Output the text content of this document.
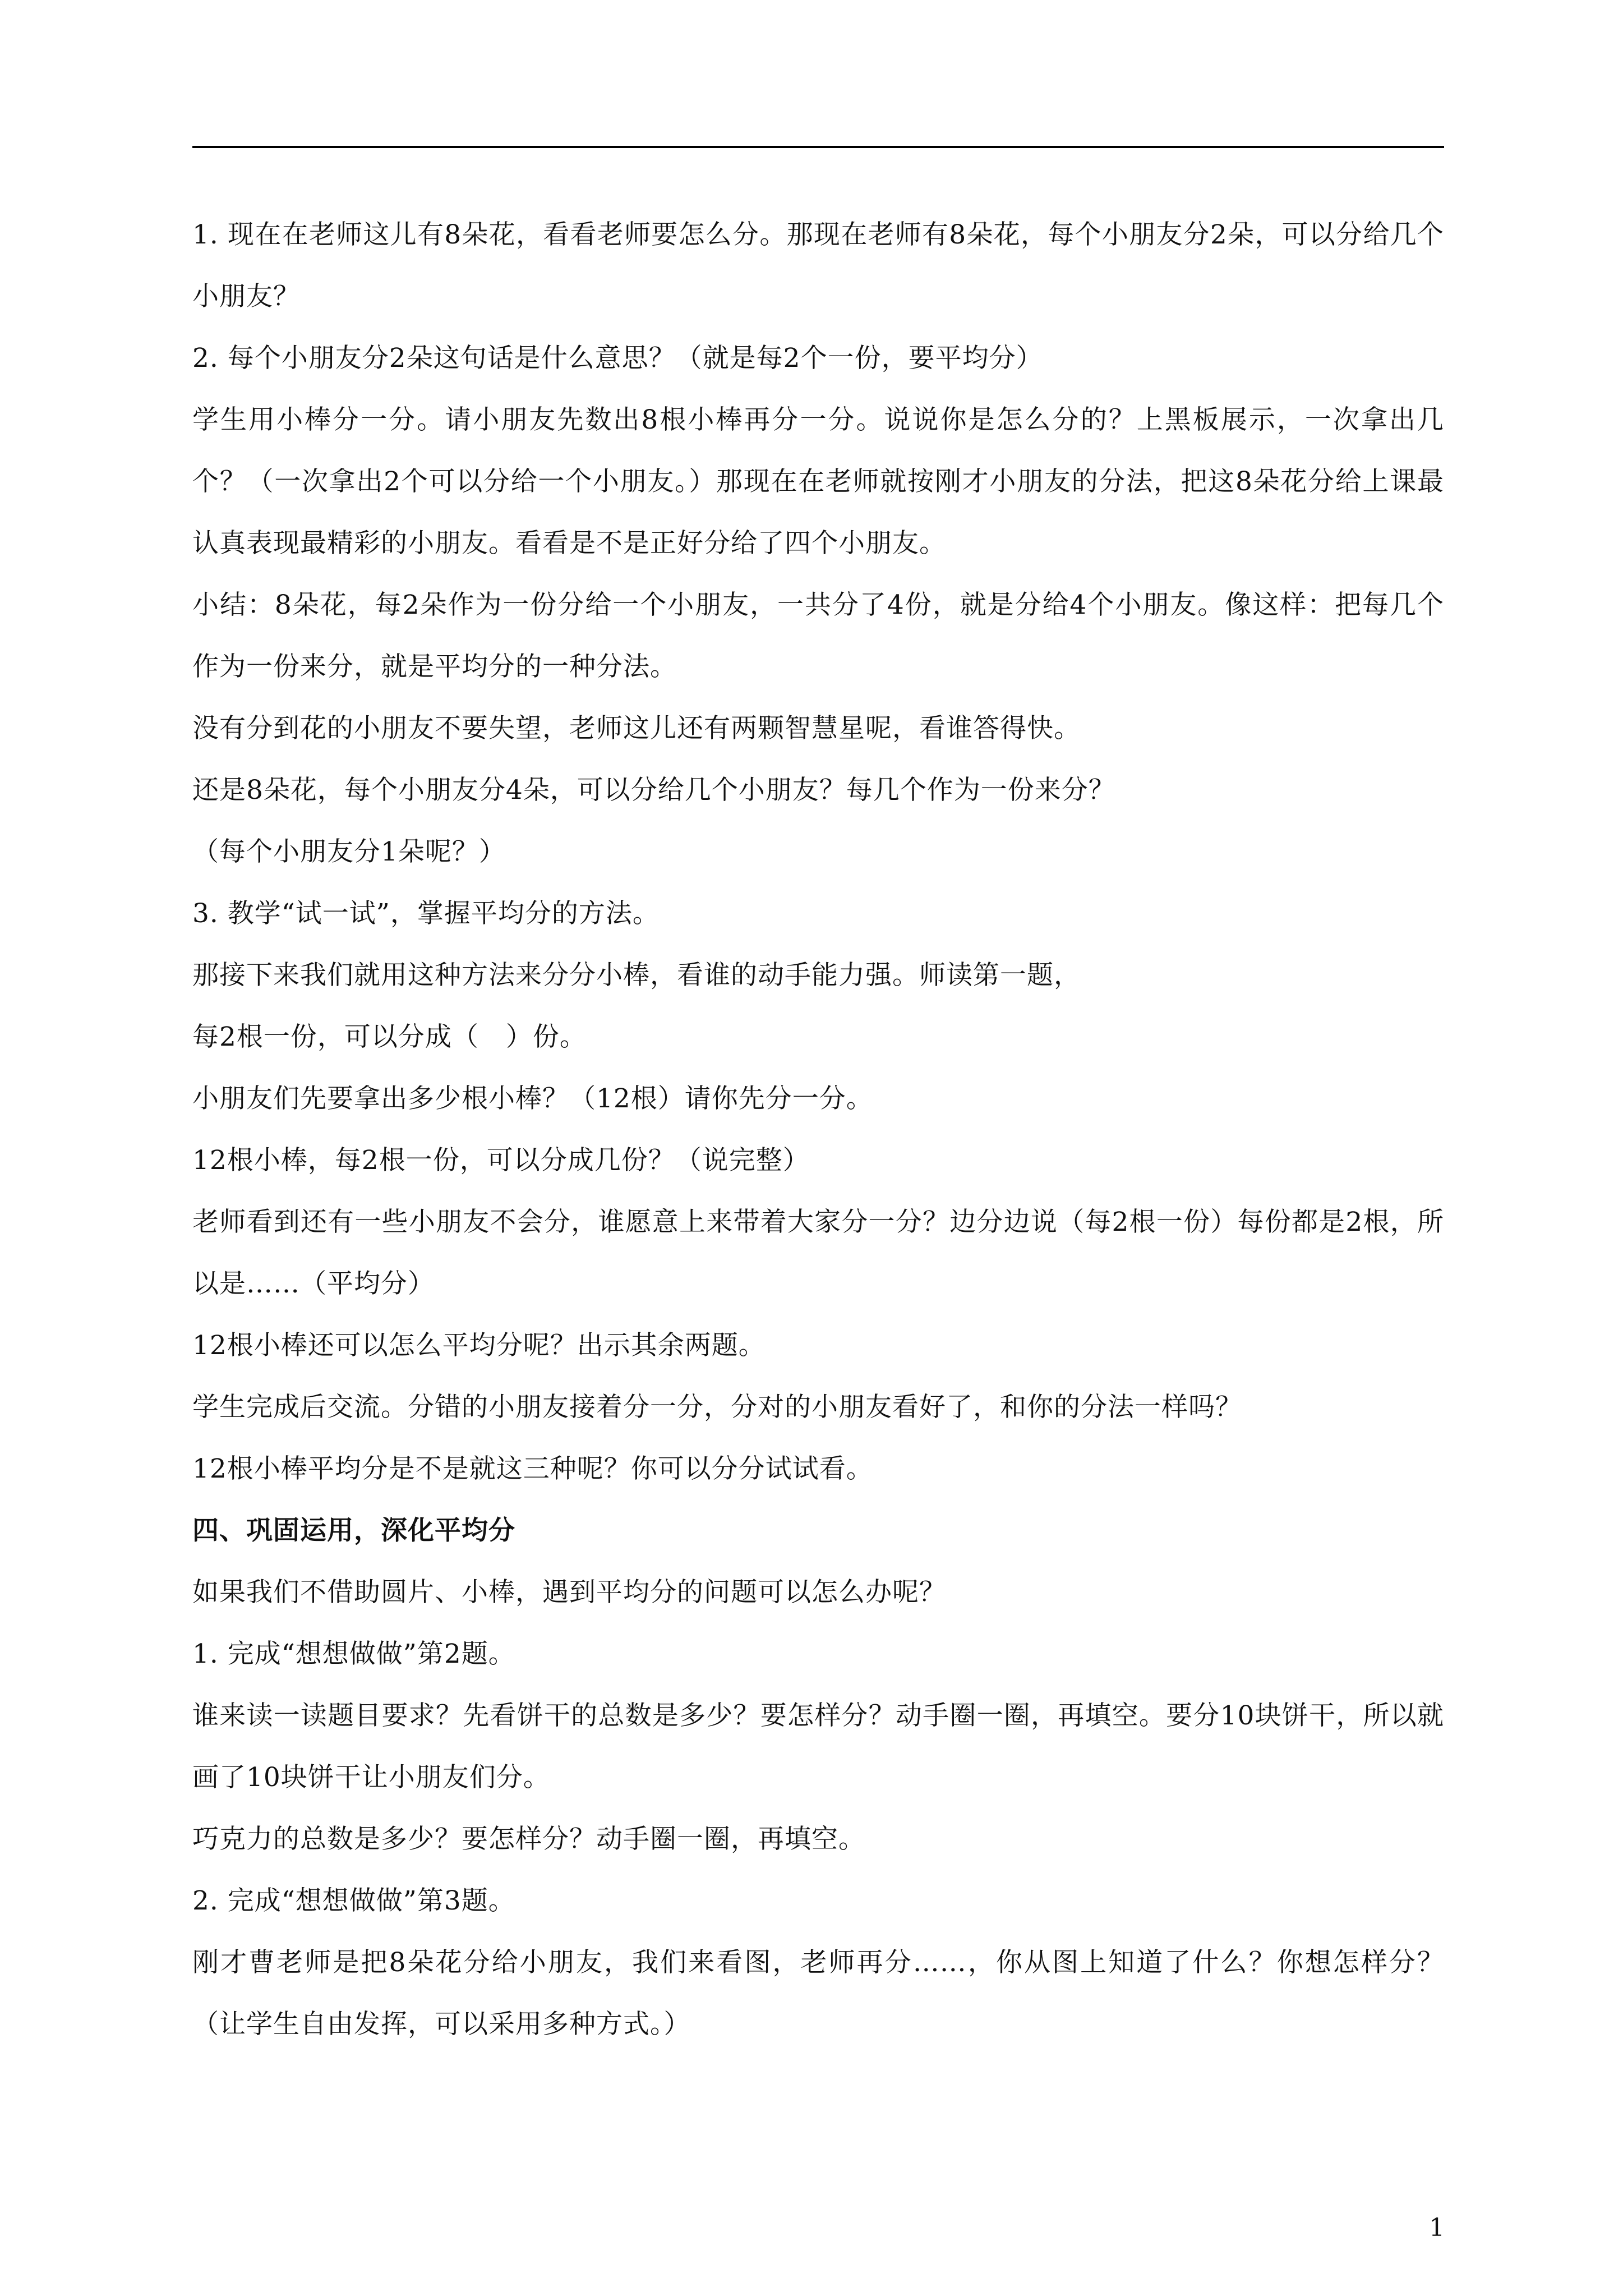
1. 现在在老师这儿有8朵花，看看老师要怎么分。那现在老师有8朵花，每个小朋友分2朵，可以分给几个小朋友？

2. 每个小朋友分2朵这句话是什么意思？（就是每2个一份，要平均分）

学生用小棒分一分。请小朋友先数出8根小棒再分一分。说说你是怎么分的？上黑板展示，一次拿出几个？（一次拿出2个可以分给一个小朋友。）那现在在老师就按刚才小朋友的分法，把这8朵花分给上课最认真表现最精彩的小朋友。看看是不是正好分给了四个小朋友。

小结：8朵花，每2朵作为一份分给一个小朋友，一共分了4份，就是分给4个小朋友。像这样：把每几个作为一份来分，就是平均分的一种分法。

没有分到花的小朋友不要失望，老师这儿还有两颗智慧星呢，看谁答得快。

还是8朵花，每个小朋友分4朵，可以分给几个小朋友？每几个作为一份来分？

（每个小朋友分1朵呢？）

3. 教学“试一试”，掌握平均分的方法。

那接下来我们就用这种方法来分分小棒，看谁的动手能力强。师读第一题，

每2根一份，可以分成（　）份。

小朋友们先要拿出多少根小棒？（12根）请你先分一分。

12根小棒，每2根一份，可以分成几份？（说完整）

老师看到还有一些小朋友不会分，谁愿意上来带着大家分一分？边分边说（每2根一份）每份都是2根，所以是……（平均分）

12根小棒还可以怎么平均分呢？出示其余两题。

学生完成后交流。分错的小朋友接着分一分，分对的小朋友看好了，和你的分法一样吗？

12根小棒平均分是不是就这三种呢？你可以分分试试看。

四、巩固运用，深化平均分

如果我们不借助圆片、小棒，遇到平均分的问题可以怎么办呢？

1. 完成“想想做做”第2题。

谁来读一读题目要求？先看饼干的总数是多少？要怎样分？动手圈一圈，再填空。要分10块饼干，所以就画了10块饼干让小朋友们分。

巧克力的总数是多少？要怎样分？动手圈一圈，再填空。

2. 完成“想想做做”第3题。

刚才曹老师是把8朵花分给小朋友，我们来看图，老师再分……，你从图上知道了什么？你想怎样分？（让学生自由发挥，可以采用多种方式。）

1
